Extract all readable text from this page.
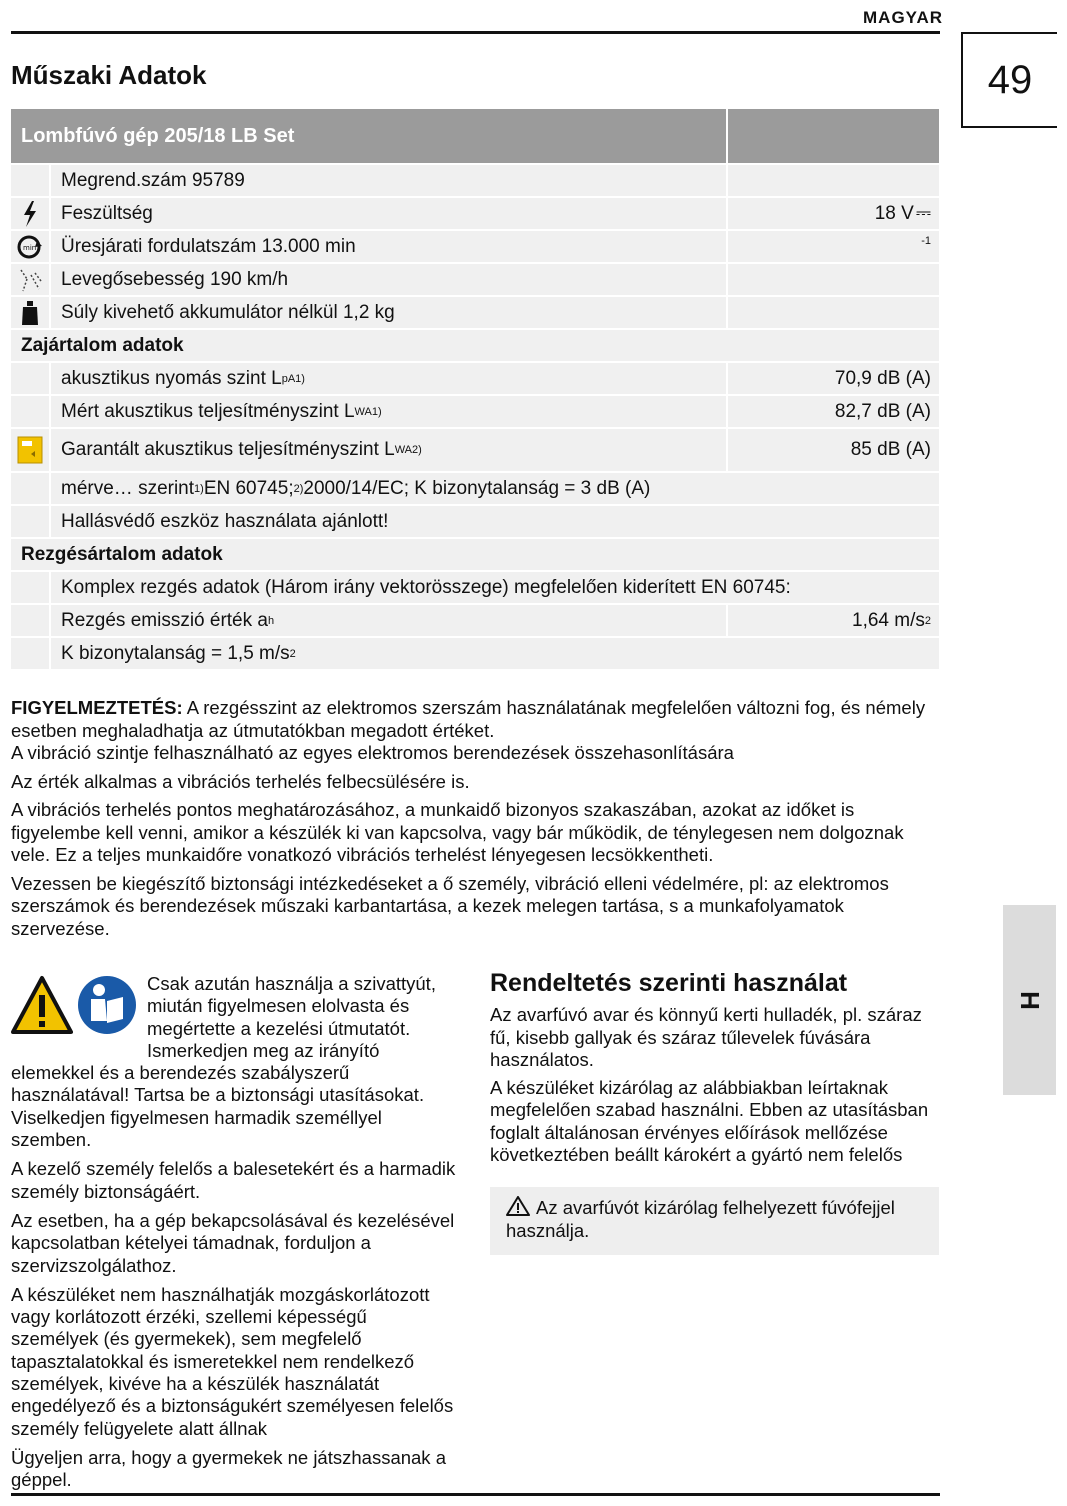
MAGYAR
49
Műszaki Adatok
Lombfúvó gép 205/18 LB Set
Megrend.szám 95789
Feszültség	18 V ⎓
min	Üresjárati fordulatszám 13.000 min	-1
Levegősebesség 190 km/h
Súly kivehető akkumulátor nélkül 1,2 kg
Zajártalom adatok
akusztikus nyomás szint L pA 1)	70,9 dB (A)
Mért akusztikus teljesítményszint L WA 1)	82,7 dB (A)
Garantált akusztikus teljesítményszint L WA 2)	85 dB (A)
mérve… szerint 1) EN 60745; 2) 2000/14/EC; K bizonytalanság = 3 dB (A)
Hallásvédő eszköz használata ajánlott!
Rezgésártalom adatok
Komplex rezgés adatok (Három irány vektorösszege) megfelelően kiderített EN 60745:
Rezgés emisszió érték a h	1,64 m/s 2
K bizonytalanság = 1,5 m/s 2

FIGYELMEZTETÉS: A rezgésszint az elektromos szerszám használatának megfelelően változni fog, és némely esetben meghaladhatja az útmutatókban megadott értéket.

A vibráció szintje felhasználható az egyes elektromos berendezések összehasonlítására

Az érték alkalmas a vibrációs terhelés felbecsülésére is.

A vibrációs terhelés pontos meghatározásához, a munkaidő bizonyos szakaszában, azokat az időket is figyelembe kell venni, amikor a készülék ki van kapcsolva, vagy bár működik, de ténylegesen nem dolgoznak vele. Ez a teljes munkaidőre vonatkozó vibrációs terhelést lényegesen lecsökkentheti.

Vezessen be kiegészítő biztonsági intézkedéseket a ő személy, vibráció elleni védelmére, pl: az elektromos szerszámok és berendezések műszaki karbantartása, a kezek melegen tartása, s a munkafolyamatok szervezése.

Csak azután használja a szivattyút, miután figyelmesen elolvasta és megértette a kezelési útmutatót. Ismerkedjen meg az irányító elemekkel és a berendezés szabályszerű használatával! Tartsa be a biztonsági utasításokat. Viselkedjen figyelmesen harmadik személlyel szemben.

A kezelő személy felelős a balesetekért és a harmadik személy biztonságáért.

Az esetben, ha a gép bekapcsolásával és kezelésével kapcsolatban kételyei támadnak, forduljon a szervizszolgálathoz.

A készüléket nem használhatják mozgáskorlátozott vagy korlátozott érzéki, szellemi képességű személyek (és gyermekek), sem megfelelő tapasztalatokkal és ismeretekkel nem rendelkező személyek, kivéve ha a készülék használatát engedélyező és a biztonságukért személyesen felelős személy felügyelete alatt állnak

Ügyeljen arra, hogy a gyermekek ne játszhassanak a géppel.

Rendeltetés szerinti használat

Az avarfúvó avar és könnyű kerti hulladék, pl. száraz fű, kisebb gallyak és száraz tűlevelek fúvására használatos.

A készüléket kizárólag az alábbiakban leírtaknak megfelelően szabad használni. Ebben az utasításban foglalt általánosan érvényes előírások mellőzése következtében beállt károkért a gyártó nem felelős

Az avarfúvót kizárólag felhelyezett fúvófejjel használja.
H
